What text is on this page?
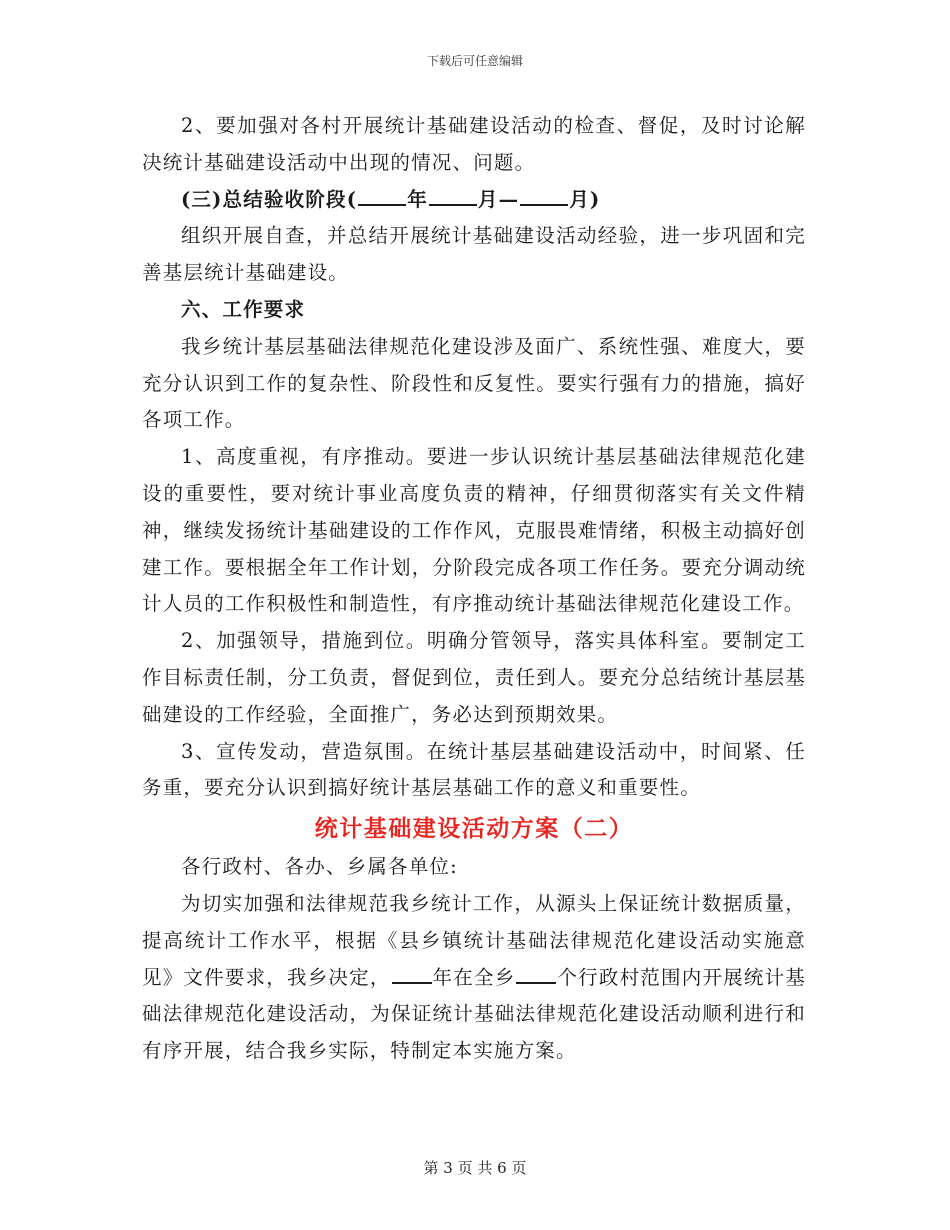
下载后可任意编辑

2、要加强对各村开展统计基础建设活动的检查、督促，及时讨论解决统计基础建设活动中出现的情况、问题。

(三)总结验收阶段(	年	月—	月)

组织开展自查，并总结开展统计基础建设活动经验，进一步巩固和完善基层统计基础建设。

六、工作要求

我乡统计基层基础法律规范化建设涉及面广、系统性强、难度大，要充分认识到工作的复杂性、阶段性和反复性。要实行强有力的措施，搞好各项工作。

1、高度重视，有序推动。要进一步认识统计基层基础法律规范化建设的重要性，要对统计事业高度负责的精神，仔细贯彻落实有关文件精神，继续发扬统计基础建设的工作作风，克服畏难情绪，积极主动搞好创建工作。要根据全年工作计划，分阶段完成各项工作任务。要充分调动统计人员的工作积极性和制造性，有序推动统计基础法律规范化建设工作。

2、加强领导，措施到位。明确分管领导，落实具体科室。要制定工作目标责任制，分工负责，督促到位，责任到人。要充分总结统计基层基础建设的工作经验，全面推广，务必达到预期效果。

3、宣传发动，营造氛围。在统计基层基础建设活动中，时间紧、任务重，要充分认识到搞好统计基层基础工作的意义和重要性。

统计基础建设活动方案（二）

各行政村、各办、乡属各单位:

为切实加强和法律规范我乡统计工作，从源头上保证统计数据质量，提高统计工作水平，根据《县乡镇统计基础法律规范化建设活动实施意见》文件要求，我乡决定， 年在全乡 个行政村范围内开展统计基础法律规范化建设活动，为保证统计基础法律规范化建设活动顺利进行和有序开展，结合我乡实际，特制定本实施方案。

第 3 页 共 6 页
